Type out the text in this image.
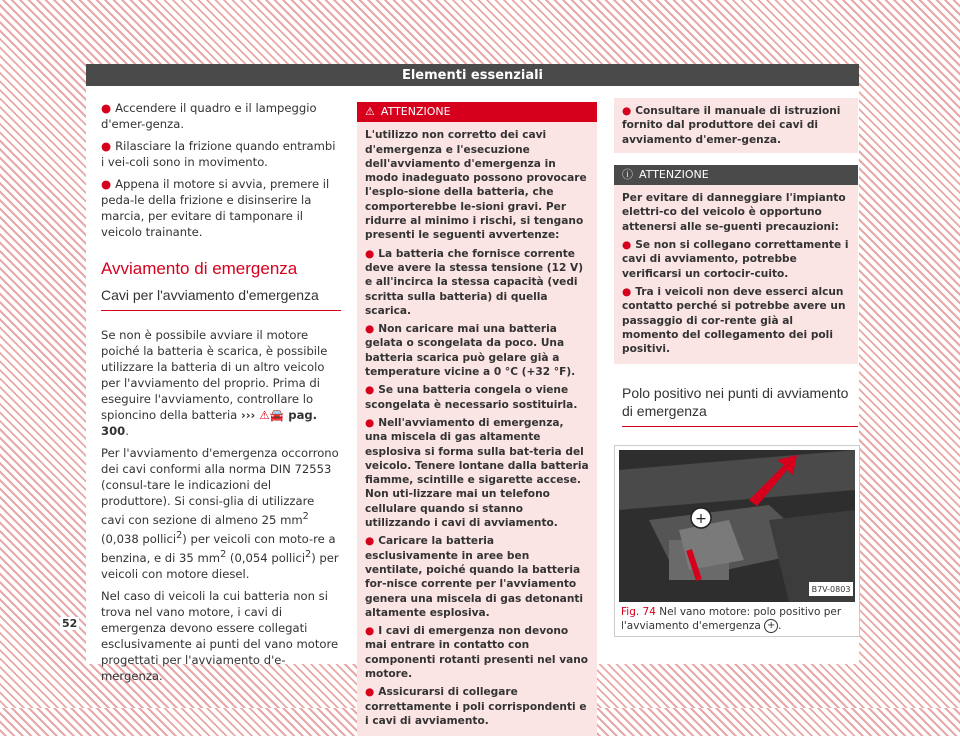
Elementi essenziali

● Accendere il quadro e il lampeggio d'emer-genza.

● Rilasciare la frizione quando entrambi i vei-coli sono in movimento.

● Appena il motore si avvia, premere il peda-le della frizione e disinserire la marcia, per evitare di tamponare il veicolo trainante.

Avviamento di emergenza
Cavi per l'avviamento d'emergenza

Se non è possibile avviare il motore poiché la batteria è scarica, è possibile utilizzare la batteria di un altro veicolo per l'avviamento del proprio. Prima di eseguire l'avviamento, controllare lo spioncino della batteria ››› ⚠🚘 pag. 300.

Per l'avviamento d'emergenza occorrono dei cavi conformi alla norma DIN 72553 (consul-tare le indicazioni del produttore). Si consi-glia di utilizzare cavi con sezione di almeno 25 $mm^2$ (0,038 pollici$^2$) per veicoli con moto-re a benzina, e di 35 $mm^2$ (0,054 pollici$^2$) per veicoli con motore diesel.

Nel caso di veicoli la cui batteria non si trova nel vano motore, i cavi di emergenza devono essere collegati esclusivamente ai punti del vano motore progettati per l'avviamento d'e-mergenza.

⚠ ATTENZIONE

L'utilizzo non corretto dei cavi d'emergenza e l'esecuzione dell'avviamento d'emergenza in modo inadeguato possono provocare l'esplo-sione della batteria, che comporterebbe le-sioni gravi. Per ridurre al minimo i rischi, si tengano presenti le seguenti avvertenze:

● La batteria che fornisce corrente deve avere la stessa tensione (12 V) e all'incirca la stessa capacità (vedi scritta sulla batteria) di quella scarica.

● Non caricare mai una batteria gelata o scongelata da poco. Una batteria scarica può gelare già a temperature vicine a 0 °C (+32 °F).

● Se una batteria congela o viene scongelata è necessario sostituirla.

● Nell'avviamento di emergenza, una miscela di gas altamente esplosiva si forma sulla bat-teria del veicolo. Tenere lontane dalla batteria fiamme, scintille e sigarette accese. Non uti-lizzare mai un telefono cellulare quando si stanno utilizzando i cavi di avviamento.

● Caricare la batteria esclusivamente in aree ben ventilate, poiché quando la batteria for-nisce corrente per l'avviamento genera una miscela di gas detonanti altamente esplosiva.

● I cavi di emergenza non devono mai entrare in contatto con componenti rotanti presenti nel vano motore.

● Assicurarsi di collegare correttamente i poli corrispondenti e i cavi di avviamento.

● Consultare il manuale di istruzioni fornito dal produttore dei cavi di avviamento d'emer-genza.
ⓘ ATTENZIONE

Per evitare di danneggiare l'impianto elettri-co del veicolo è opportuno attenersi alle se-guenti precauzioni:

● Se non si collegano correttamente i cavi di avviamento, potrebbe verificarsi un cortocir-cuito.

● Tra i veicoli non deve esserci alcun contatto perché si potrebbe avere un passaggio di cor-rente già al momento del collegamento dei poli positivi.

Polo positivo nei punti di avviamento di emergenza
+
B7V-0803
Fig. 74 Nel vano motore: polo positivo per l'avviamento d'emergenza + .
52
